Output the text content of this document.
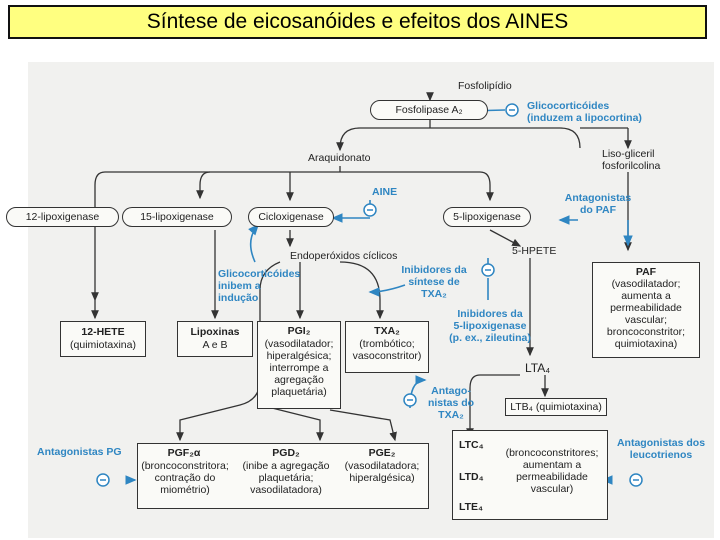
Síntese de eicosanóides e efeitos dos AINES
Fosfolipídio
Fosfolipase A₂	Glicocorticóides
(induzem a lipocortina)
Araquidonato	Liso-gliceril
fosforilcolina
AINE	Antagonistas
do PAF
12-lipoxigenase	15-lipoxigenase	Cicloxigenase	5-lipoxigenase
Endoperóxidos cíclicos	5-HPETE
Glicocorticóides
inibem a
indução
Inibidores da
síntese de
TXA₂
PAF
(vasodilatador;
aumenta a
permeabilidade
vascular;
broncoconstritor;
quimiotaxina)
Inibidores da
5-lipoxigenase
(p. ex., zileutina)
12-HETE
(quimiotaxina)
Lipoxinas
A e B
PGI₂
(vasodilatador;
hiperalgésica;
interrompe a
agregação
plaquetária)
TXA₂
(trombótico;
vasoconstritor)
LTA₄
Antago-
nistas do
TXA₂
LTB₄ (quimiotaxina)
Antagonistas PG	PGF₂α
(broncoconstritora;
contração do
miométrio)
PGD₂
(inibe a agregação
plaquetária;
vasodilatadora)
PGE₂
(vasodilatadora;
hiperalgésica)
LTC₄
LTD₄
LTE₄
(broncoconstritores;
aumentam a
permeabilidade
vascular)
Antagonistas dos
leucotrienos
